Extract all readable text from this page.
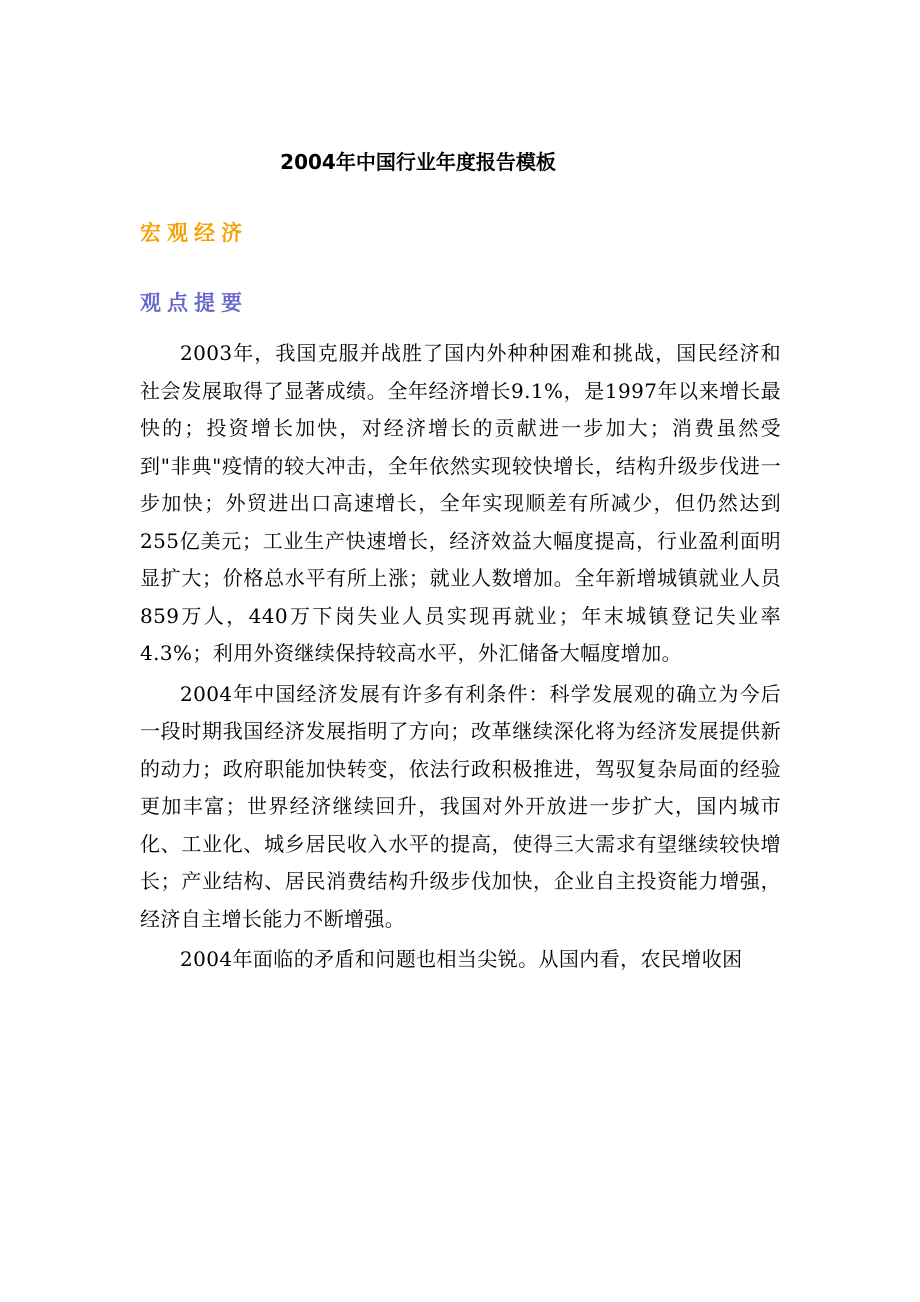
2004年中国行业年度报告模板
宏观经济
观点提要

2003年，我国克服并战胜了国内外种种困难和挑战，国民经济和社会发展取得了显著成绩。全年经济增长9.1%，是1997年以来增长最快的；投资增长加快，对经济增长的贡献进一步加大；消费虽然受到"非典"疫情的较大冲击，全年依然实现较快增长，结构升级步伐进一步加快；外贸进出口高速增长，全年实现顺差有所减少，但仍然达到255亿美元；工业生产快速增长，经济效益大幅度提高，行业盈利面明显扩大；价格总水平有所上涨；就业人数增加。全年新增城镇就业人员859万人，440万下岗失业人员实现再就业；年末城镇登记失业率4.3%；利用外资继续保持较高水平，外汇储备大幅度增加。

2004年中国经济发展有许多有利条件：科学发展观的确立为今后一段时期我国经济发展指明了方向；改革继续深化将为经济发展提供新的动力；政府职能加快转变，依法行政积极推进，驾驭复杂局面的经验更加丰富；世界经济继续回升，我国对外开放进一步扩大，国内城市化、工业化、城乡居民收入水平的提高，使得三大需求有望继续较快增长；产业结构、居民消费结构升级步伐加快，企业自主投资能力增强，经济自主增长能力不断增强。

2004年面临的矛盾和问题也相当尖锐。从国内看，农民增收困
